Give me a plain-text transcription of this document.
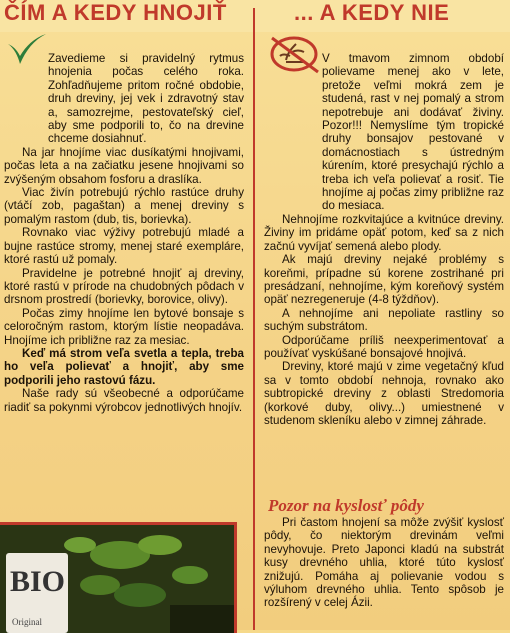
ČÍM A KEDY HNOJIŤ	... A KEDY NIE

Zavedieme si pravidelný rytmus hnojenia počas celého roka. Zohľadňujeme pritom ročné obdobie, druh dreviny, jej vek i zdravotný stav a, samozrejme, pestovateľský cieľ, aby sme podporili to, čo na drevine chceme dosiahnuť.

Na jar hnojíme viac dusíkatými hnojivami, počas leta a na začiatku jesene hnojivami so zvýšeným obsahom fosforu a draslíka.

Viac živín potrebujú rýchlo rastúce druhy (vtáčí zob, pagaštan) a menej dreviny s pomalým rastom (dub, tis, borievka).

Rovnako viac výživy potrebujú mladé a bujne rastúce stromy, menej staré exempláre, ktoré rastú už pomaly.

Pravidelne je potrebné hnojiť aj dreviny, ktoré rastú v prírode na chudobných pôdach v drsnom prostredí (borievky, borovice, olivy).

Počas zimy hnojíme len bytové bonsaje s celoročným rastom, ktorým lístie neopadáva. Hnojíme ich približne raz za mesiac.

Keď má strom veľa svetla a tepla, treba ho veľa polievať a hnojiť, aby sme podporili jeho rastovú fázu.

Naše rady sú všeobecné a odporúčame riadiť sa pokynmi výrobcov jednotlivých hnojív.

V tmavom zimnom období polievame menej ako v lete, pretože veľmi mokrá zem je studená, rast v nej pomalý a strom nepotrebuje ani dodávať živiny. Pozor!!! Nemyslíme tým tropické druhy bonsajov pestované v domácnostiach s ústredným kúrením, ktoré presychajú rýchlo a treba ich veľa polievať a rosiť. Tie hnojíme aj počas zimy približne raz do mesiaca.

Nehnojíme rozkvitajúce a kvitnúce dreviny. Živiny im pridáme opäť potom, keď sa z nich začnú vyvíjať semená alebo plody.

Ak majú dreviny nejaké problémy s koreňmi, prípadne sú korene zostrihané pri presádzaní, nehnojíme, kým koreňový systém opäť nezregeneruje (4-8 týždňov).

A nehnojíme ani nepoliate rastliny so suchým substrátom.

Odporúčame príliš neexperimentovať a používať vyskúšané bonsajové hnojivá.

Dreviny, ktoré majú v zime vegetačný kľud sa v tomto období nehnoja, rovnako ako subtropické dreviny z oblasti Stredomoria (korkové duby, olivy...) umiestnené v studenom skleníku alebo v zimnej záhrade.

Pozor na kyslosť pôdy

Pri častom hnojení sa môže zvýšiť kyslosť pôdy, čo niektorým drevinám veľmi nevyhovuje. Preto Japonci kladú na substrát kusy drevného uhlia, ktoré túto kyslosť znižujú. Pomáha aj polievanie vodou s výluhom drevného uhlia. Tento spôsob je rozšírený v celej Ázii.

BIO
Original
